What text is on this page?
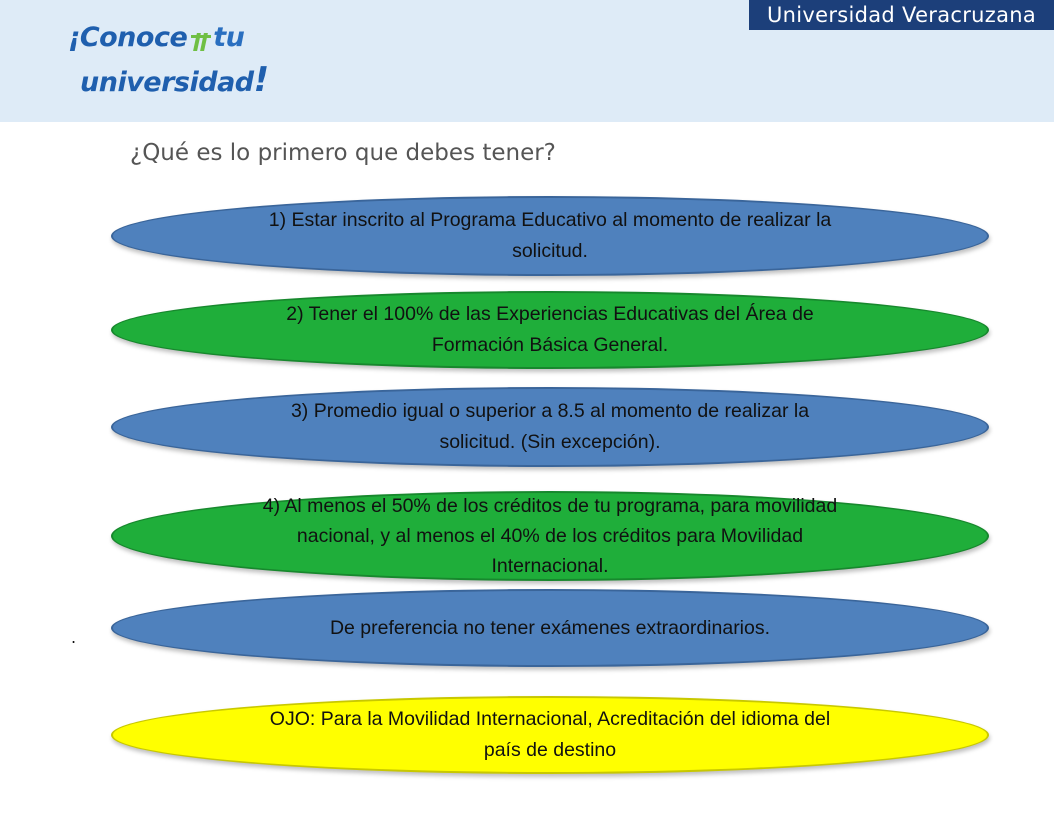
¡Conoce tu
universidad!
Universidad Veracruzana
¿Qué es lo primero que debes tener?
.
1) Estar inscrito al Programa Educativo al momento de realizar la solicitud.
2) Tener el 100% de las Experiencias Educativas del Área de Formación Básica General.
3) Promedio igual o superior a 8.5 al momento de realizar la solicitud. (Sin excepción).
4) Al menos el 50% de los créditos de tu programa, para movilidad nacional, y al menos el 40% de los créditos para Movilidad Internacional.
De preferencia no tener exámenes extraordinarios.
OJO: Para la Movilidad Internacional, Acreditación del idioma del país de destino
